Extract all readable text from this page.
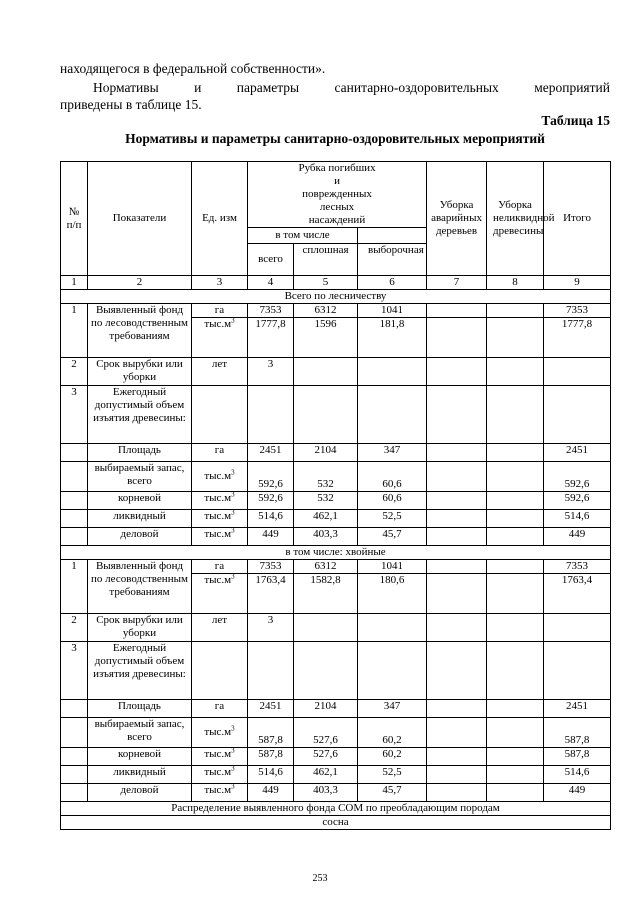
находящегося в федеральной собственности».
Нормативы и параметры санитарно-оздоровительных мероприятий
приведены в таблице 15.
Таблица 15
Нормативы и параметры санитарно-оздоровительных мероприятий
№ п/п	Показатели	Ед. изм	Рубка погибших и поврежденных лесных насаждений			Уборка аварийных деревьев	Уборка неликвидной древесины	Итого
			в том числе					
			всего	сплошная	выборочная			
1	2	3	4	5	6	7	8	9
Всего по лесничеству								
1	Выявленный фонд по лесоводственным требованиям	га	7353	6312	1041			7353
		$тыс.м^3$	1777,8	1596	181,8			1777,8
2	Срок вырубки или уборки	лет	3					
3	Ежегодный допустимый объем изъятия древесины:							
	Площадь	га	2451	2104	347			2451
	выбираемый запас, всего	$тыс.м^3$	592,6	532	60,6			592,6
	корневой	$тыс.м^3$	592,6	532	60,6			592,6
	ликвидный	$тыс.м^3$	514,6	462,1	52,5			514,6
	деловой	$тыс.м^3$	449	403,3	45,7			449
в том числе: хвойные								
1	Выявленный фонд по лесоводственным требованиям	га	7353	6312	1041			7353
		$тыс.м^3$	1763,4	1582,8	180,6			1763,4
2	Срок вырубки или уборки	лет	3					
3	Ежегодный допустимый объем изъятия древесины:							
	Площадь	га	2451	2104	347			2451
	выбираемый запас, всего	$тыс.м^3$	587,8	527,6	60,2			587,8
	корневой	$тыс.м^3$	587,8	527,6	60,2			587,8
	ликвидный	$тыс.м^3$	514,6	462,1	52,5			514,6
	деловой	$тыс.м^3$	449	403,3	45,7			449
Распределение выявленного фонда СОМ по преобладающим породам								
сосна								
253
